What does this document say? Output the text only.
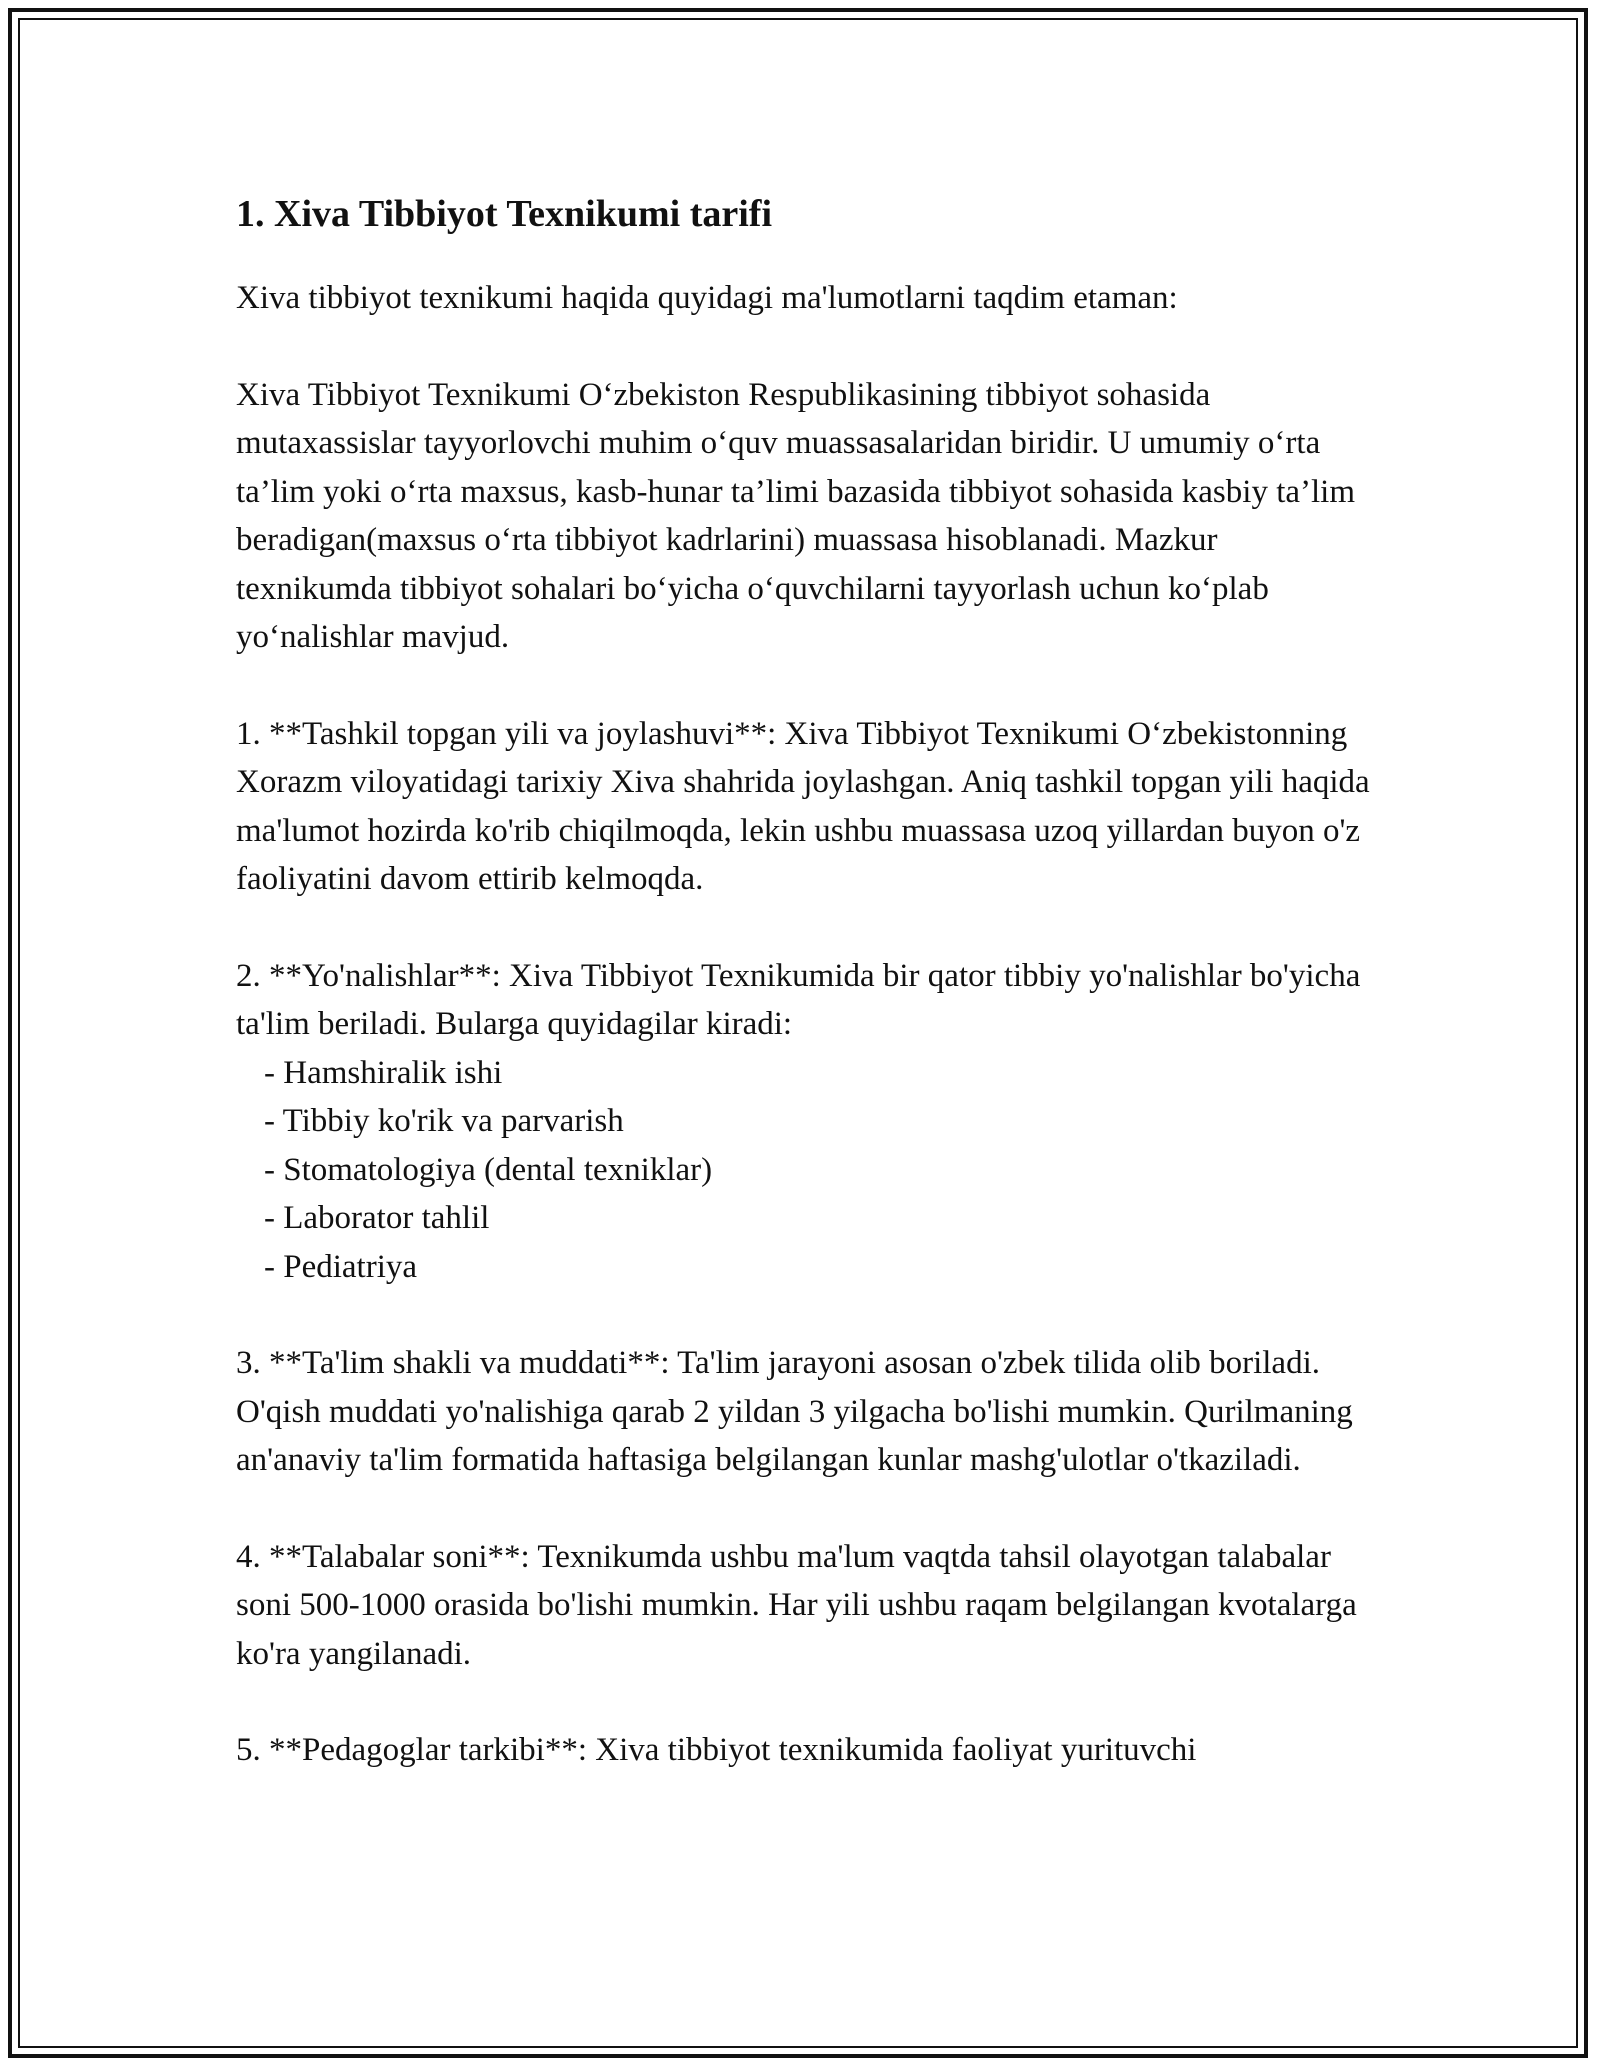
1. Xiva Tibbiyot Texnikumi tarifi

Xiva tibbiyot texnikumi haqida quyidagi ma'lumotlarni taqdim etaman:

Xiva Tibbiyot Texnikumi O‘zbekiston Respublikasining tibbiyot sohasida mutaxassislar tayyorlovchi muhim o‘quv muassasalaridan biridir. U umumiy o‘rta ta’lim yoki o‘rta maxsus, kasb-hunar ta’limi bazasida tibbiyot sohasida kasbiy ta’lim beradigan(maxsus o‘rta tibbiyot kadrlarini) muassasa hisoblanadi. Mazkur texnikumda tibbiyot sohalari bo‘yicha o‘quvchilarni tayyorlash uchun ko‘plab yo‘nalishlar mavjud.

1. **Tashkil topgan yili va joylashuvi**: Xiva Tibbiyot Texnikumi O‘zbekistonning Xorazm viloyatidagi tarixiy Xiva shahrida joylashgan. Aniq tashkil topgan yili haqida ma'lumot hozirda ko'rib chiqilmoqda, lekin ushbu muassasa uzoq yillardan buyon o'z faoliyatini davom ettirib kelmoqda.

2. **Yo'nalishlar**: Xiva Tibbiyot Texnikumida bir qator tibbiy yo'nalishlar bo'yicha ta'lim beriladi. Bularga quyidagilar kiradi:

- Hamshiralik ishi
- Tibbiy ko'rik va parvarish
- Stomatologiya (dental texniklar)
- Laborator tahlil
- Pediatriya

3. **Ta'lim shakli va muddati**: Ta'lim jarayoni asosan o'zbek tilida olib boriladi. O'qish muddati yo'nalishiga qarab 2 yildan 3 yilgacha bo'lishi mumkin. Qurilmaning an'anaviy ta'lim formatida haftasiga belgilangan kunlar mashg'ulotlar o'tkaziladi.

4. **Talabalar soni**: Texnikumda ushbu ma'lum vaqtda tahsil olayotgan talabalar soni 500-1000 orasida bo'lishi mumkin. Har yili ushbu raqam belgilangan kvotalarga ko'ra yangilanadi.

5. **Pedagoglar tarkibi**: Xiva tibbiyot texnikumida faoliyat yurituvchi
